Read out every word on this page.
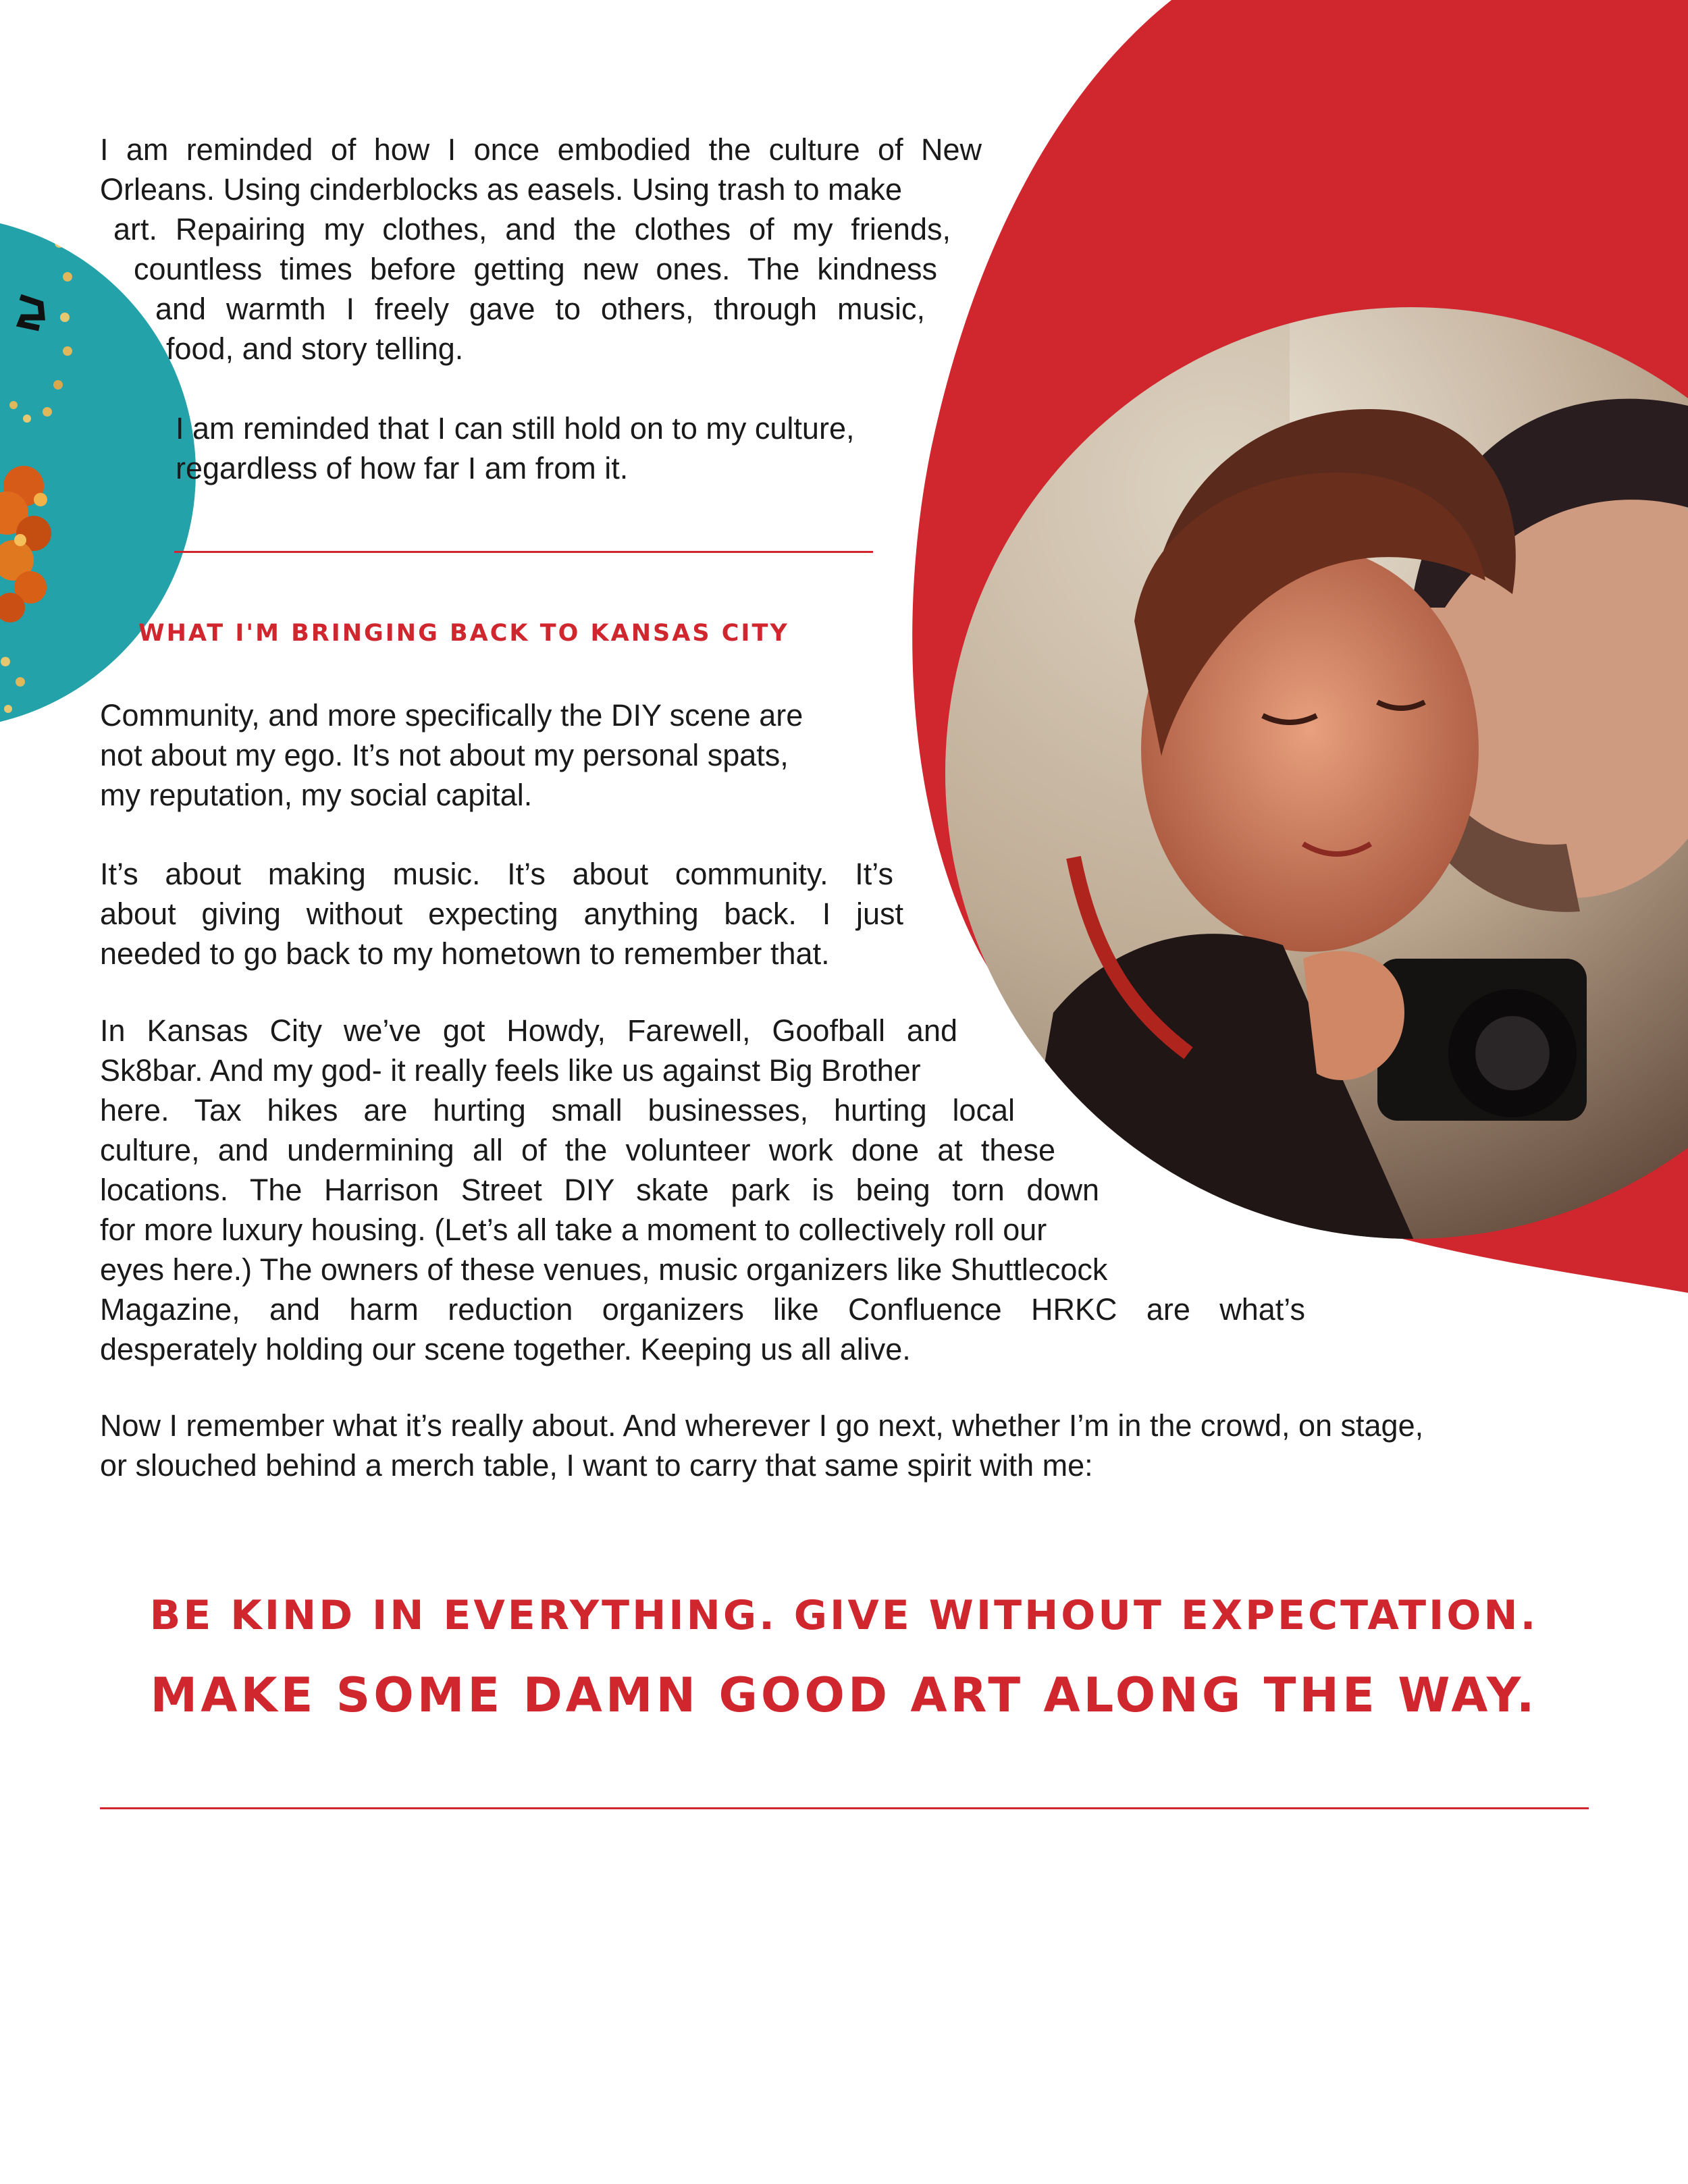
I am reminded of how I once embodied the culture of New
Orleans. Using cinderblocks as easels. Using trash to make
art. Repairing my clothes, and the clothes of my friends,
countless times before getting new ones. The kindness
and warmth I freely gave to others, through music,
food, and story telling.
I am reminded that I can still hold on to my culture,
regardless of how far I am from it.
WHAT I'M BRINGING BACK TO KANSAS CITY
Community, and more specifically the DIY scene are
not about my ego. It’s not about my personal spats,
my reputation, my social capital.
It’s about making music. It’s about community. It’s
about giving without expecting anything back. I just
needed to go back to my hometown to remember that.
In Kansas City we’ve got Howdy, Farewell, Goofball and
Sk8bar. And my god- it really feels like us against Big Brother
here. Tax hikes are hurting small businesses, hurting local
culture, and undermining all of the volunteer work done at these
locations. The Harrison Street DIY skate park is being torn down
for more luxury housing. (Let’s all take a moment to collectively roll our
eyes here.) The owners of these venues, music organizers like Shuttlecock
Magazine, and harm reduction organizers like Confluence HRKC are what’s
desperately holding our scene together. Keeping us all alive.
Now I remember what it’s really about. And wherever I go next, whether I’m in the crowd, on stage,
or slouched behind a merch table, I want to carry that same spirit with me:

BE KIND IN EVERYTHING. GIVE WITHOUT EXPECTATION.

MAKE SOME DAMN GOOD ART ALONG THE WAY.
